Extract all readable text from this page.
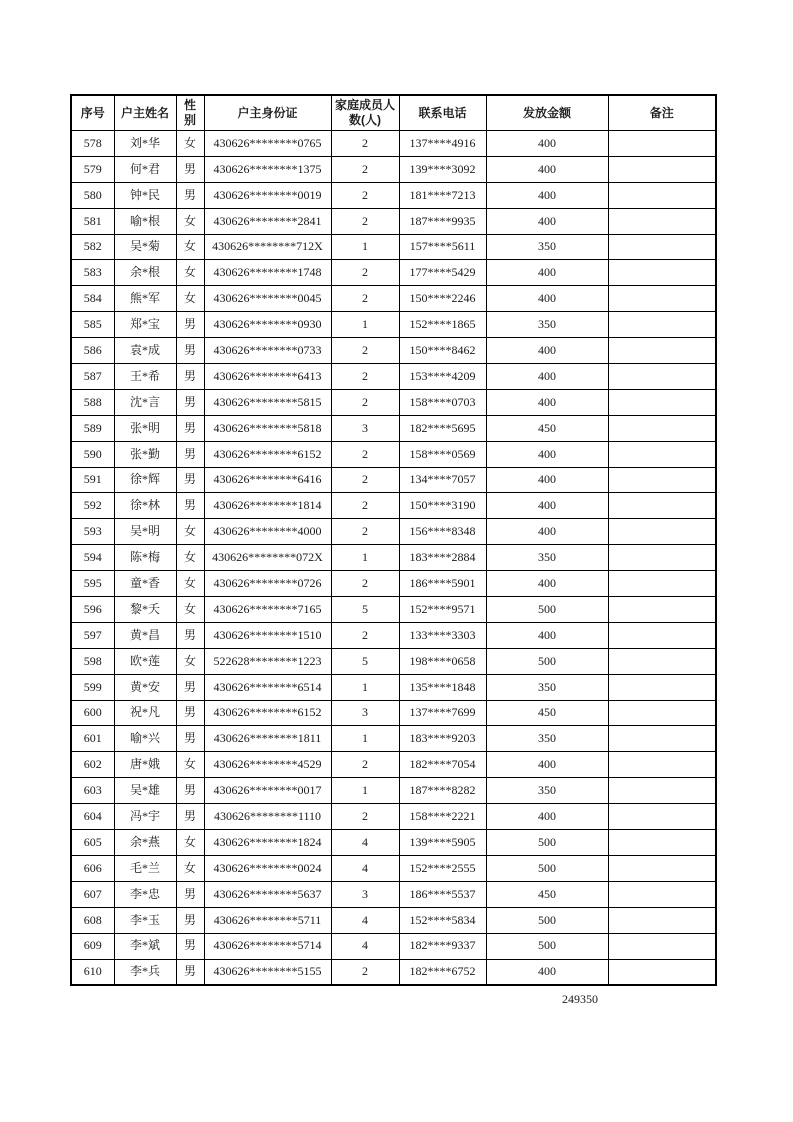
序号	户主姓名	性别	户主身份证	家庭成员人数(人)	联系电话	发放金额	备注
578	刘*华	女	430626********0765	2	137****4916	400	
579	何*君	男	430626********1375	2	139****3092	400	
580	钟*民	男	430626********0019	2	181****7213	400	
581	喻*根	女	430626********2841	2	187****9935	400	
582	吴*菊	女	430626********712X	1	157****5611	350	
583	余*根	女	430626********1748	2	177****5429	400	
584	熊*军	女	430626********0045	2	150****2246	400	
585	郑*宝	男	430626********0930	1	152****1865	350	
586	袁*成	男	430626********0733	2	150****8462	400	
587	王*希	男	430626********6413	2	153****4209	400	
588	沈*言	男	430626********5815	2	158****0703	400	
589	张*明	男	430626********5818	3	182****5695	450	
590	张*勤	男	430626********6152	2	158****0569	400	
591	徐*辉	男	430626********6416	2	134****7057	400	
592	徐*林	男	430626********1814	2	150****3190	400	
593	吴*明	女	430626********4000	2	156****8348	400	
594	陈*梅	女	430626********072X	1	183****2884	350	
595	童*香	女	430626********0726	2	186****5901	400	
596	黎*夭	女	430626********7165	5	152****9571	500	
597	黄*昌	男	430626********1510	2	133****3303	400	
598	欧*莲	女	522628********1223	5	198****0658	500	
599	黄*安	男	430626********6514	1	135****1848	350	
600	祝*凡	男	430626********6152	3	137****7699	450	
601	喻*兴	男	430626********1811	1	183****9203	350	
602	唐*娥	女	430626********4529	2	182****7054	400	
603	吴*雄	男	430626********0017	1	187****8282	350	
604	冯*宇	男	430626********1110	2	158****2221	400	
605	余*燕	女	430626********1824	4	139****5905	500	
606	毛*兰	女	430626********0024	4	152****2555	500	
607	李*忠	男	430626********5637	3	186****5537	450	
608	李*玉	男	430626********5711	4	152****5834	500	
609	李*斌	男	430626********5714	4	182****9337	500	
610	李*兵	男	430626********5155	2	182****6752	400	
249350
